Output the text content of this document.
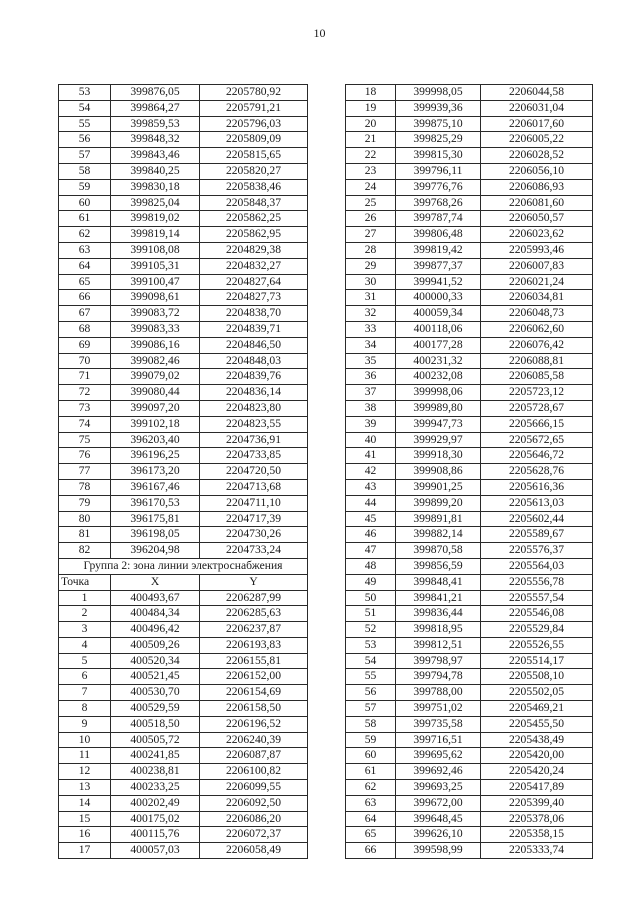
10
53	399876,05	2205780,92
54	399864,27	2205791,21
55	399859,53	2205796,03
56	399848,32	2205809,09
57	399843,46	2205815,65
58	399840,25	2205820,27
59	399830,18	2205838,46
60	399825,04	2205848,37
61	399819,02	2205862,25
62	399819,14	2205862,95
63	399108,08	2204829,38
64	399105,31	2204832,27
65	399100,47	2204827,64
66	399098,61	2204827,73
67	399083,72	2204838,70
68	399083,33	2204839,71
69	399086,16	2204846,50
70	399082,46	2204848,03
71	399079,02	2204839,76
72	399080,44	2204836,14
73	399097,20	2204823,80
74	399102,18	2204823,55
75	396203,40	2204736,91
76	396196,25	2204733,85
77	396173,20	2204720,50
78	396167,46	2204713,68
79	396170,53	2204711,10
80	396175,81	2204717,39
81	396198,05	2204730,26
82	396204,98	2204733,24
Группа 2: зона линии электроснабжения		
Точка	X	Y
1	400493,67	2206287,99
2	400484,34	2206285,63
3	400496,42	2206237,87
4	400509,26	2206193,83
5	400520,34	2206155,81
6	400521,45	2206152,00
7	400530,70	2206154,69
8	400529,59	2206158,50
9	400518,50	2206196,52
10	400505,72	2206240,39
11	400241,85	2206087,87
12	400238,81	2206100,82
13	400233,25	2206099,55
14	400202,49	2206092,50
15	400175,02	2206086,20
16	400115,76	2206072,37
17	400057,03	2206058,49
18	399998,05	2206044,58
19	399939,36	2206031,04
20	399875,10	2206017,60
21	399825,29	2206005,22
22	399815,30	2206028,52
23	399796,11	2206056,10
24	399776,76	2206086,93
25	399768,26	2206081,60
26	399787,74	2206050,57
27	399806,48	2206023,62
28	399819,42	2205993,46
29	399877,37	2206007,83
30	399941,52	2206021,24
31	400000,33	2206034,81
32	400059,34	2206048,73
33	400118,06	2206062,60
34	400177,28	2206076,42
35	400231,32	2206088,81
36	400232,08	2206085,58
37	399998,06	2205723,12
38	399989,80	2205728,67
39	399947,73	2205666,15
40	399929,97	2205672,65
41	399918,30	2205646,72
42	399908,86	2205628,76
43	399901,25	2205616,36
44	399899,20	2205613,03
45	399891,81	2205602,44
46	399882,14	2205589,67
47	399870,58	2205576,37
48	399856,59	2205564,03
49	399848,41	2205556,78
50	399841,21	2205557,54
51	399836,44	2205546,08
52	399818,95	2205529,84
53	399812,51	2205526,55
54	399798,97	2205514,17
55	399794,78	2205508,10
56	399788,00	2205502,05
57	399751,02	2205469,21
58	399735,58	2205455,50
59	399716,51	2205438,49
60	399695,62	2205420,00
61	399692,46	2205420,24
62	399693,25	2205417,89
63	399672,00	2205399,40
64	399648,45	2205378,06
65	399626,10	2205358,15
66	399598,99	2205333,74
